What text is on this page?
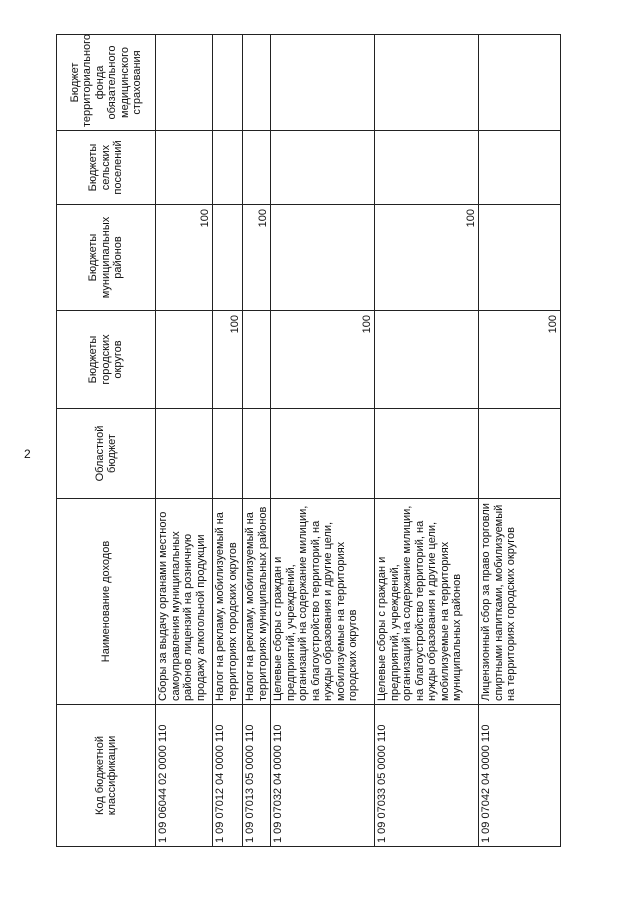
2
Код бюджетной классификации	Наименование доходов	Областной бюджет	Бюджеты городских округов	Бюджеты муниципальных районов	Бюджеты сельских поселений	Бюджет территориального фонда обязательного медицинского страхования
1 09 06044 02 0000 110	Сборы за выдачу органами местного самоуправления муниципальных районов лицензий на розничную продажу алкогольной продукции			100		
1 09 07012 04 0000 110	Налог на рекламу, мобилизуемый на территориях городских округов		100			
1 09 07013 05 0000 110	Налог на рекламу, мобилизуемый на территориях муниципальных районов			100		
1 09 07032 04 0000 110	Целевые сборы с граждан и предприятий, учреждений, организаций на содержание милиции, на благоустройство территорий, на нужды образования и другие цели, мобилизуемые на территориях городских округов		100			
1 09 07033 05 0000 110	Целевые сборы с граждан и предприятий, учреждений, организаций на содержание милиции, на благоустройство территорий, на нужды образования и другие цели, мобилизуемые на территориях муниципальных районов			100		
1 09 07042 04 0000 110	Лицензионный сбор за право торговли спиртными напитками, мобилизуемый на территориях городских округов		100			
